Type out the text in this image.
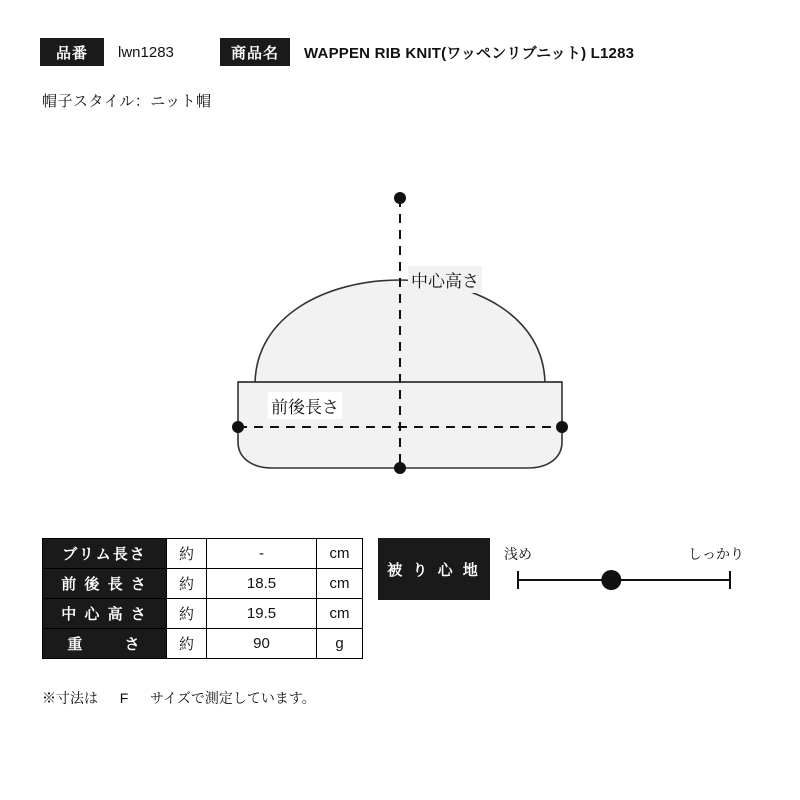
品番	lwn1283	商品名	WAPPEN RIB KNIT(ワッペンリブニット) L1283
帽子スタイル：ニット帽
中心高さ
前後長さ
ブリム長さ	約	-	cm
前 後 長 さ	約	18.5	cm
中 心 高 さ	約	19.5	cm
重　　 さ	約	90	g
※寸法は F サイズで測定しています。
被 り 心 地
浅め	しっかり
